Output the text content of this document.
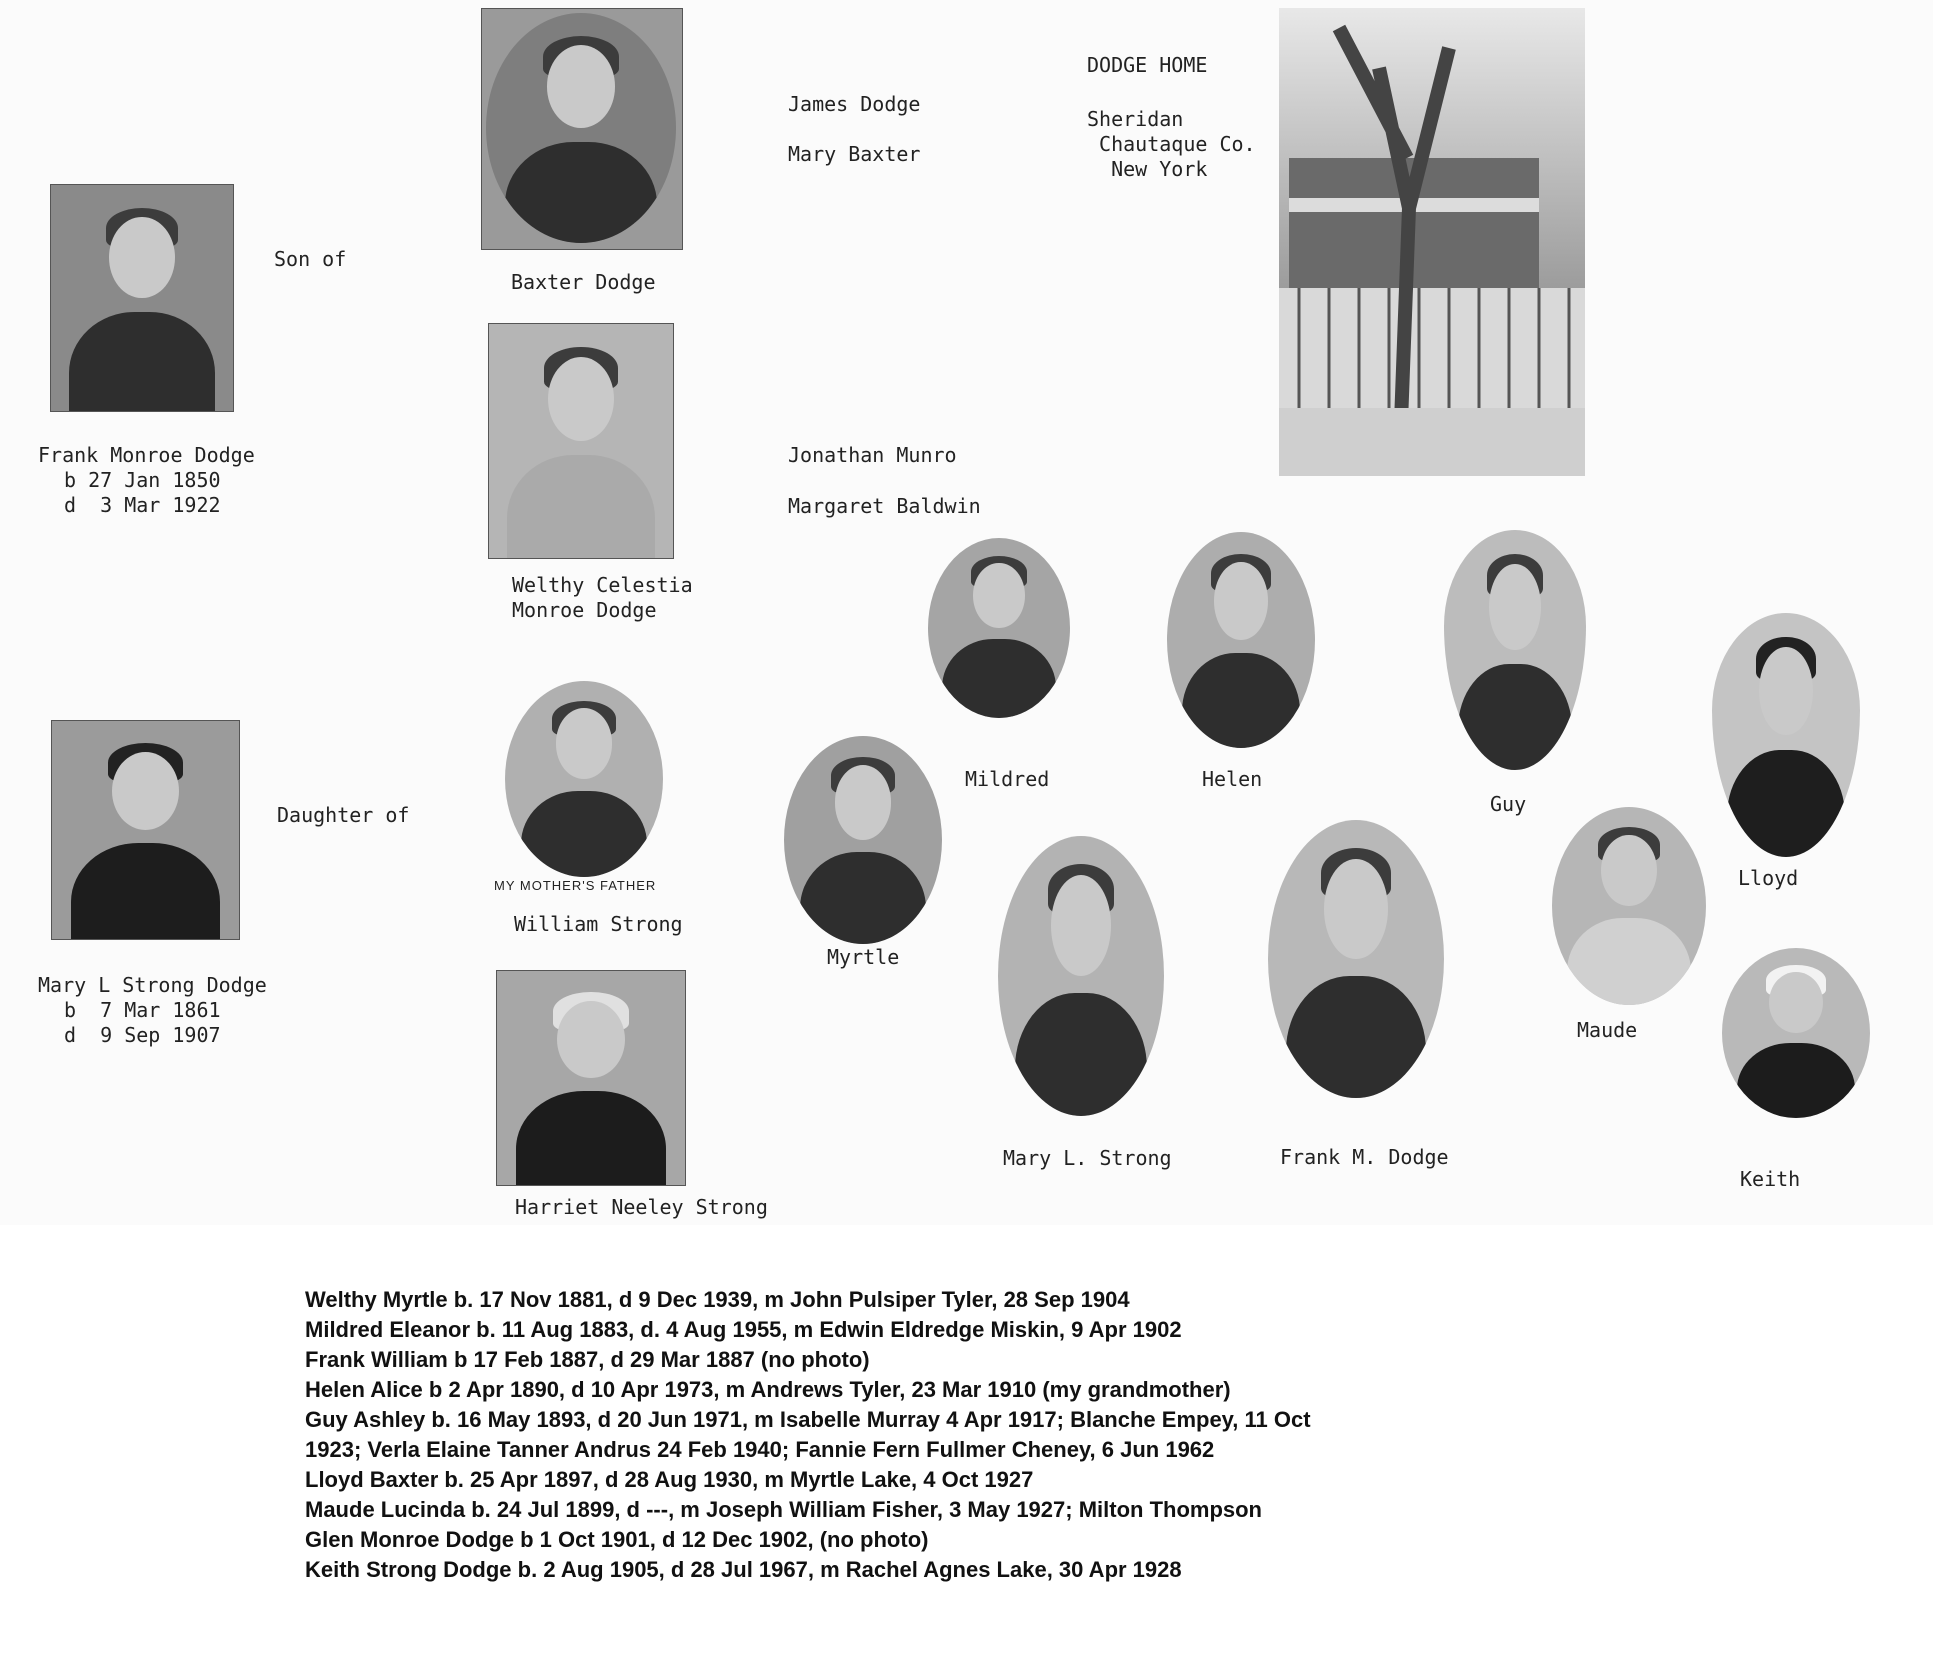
Son of
Frank Monroe Dodge
b 27 Jan 1850
d  3 Mar 1922
Baxter Dodge
Welthy Celestia
Monroe Dodge
James Dodge
Mary Baxter
Jonathan Munro
Margaret Baldwin
DODGE HOME
Sheridan
Chautaque Co.
New York
Daughter of
Mary L Strong Dodge
b  7 Mar 1861
d  9 Sep 1907
MY MOTHER'S FATHER
William Strong
Harriet Neeley Strong
Mildred	Helen
Guy
Lloyd
Myrtle
Mary L. Strong	Frank M. Dodge
Maude
Keith
Welthy Myrtle b. 17 Nov 1881, d 9 Dec 1939, m John Pulsiper Tyler, 28 Sep 1904
Mildred Eleanor b. 11 Aug 1883, d. 4 Aug 1955, m Edwin Eldredge Miskin, 9 Apr 1902
Frank William b 17 Feb 1887, d 29 Mar 1887 (no photo)
Helen Alice b 2 Apr 1890, d 10 Apr 1973, m Andrews Tyler, 23 Mar 1910 (my grandmother)
Guy Ashley b. 16 May 1893, d 20 Jun 1971, m Isabelle Murray 4 Apr 1917; Blanche Empey, 11 Oct
1923; Verla Elaine Tanner Andrus 24 Feb 1940; Fannie Fern Fullmer Cheney, 6 Jun 1962
Lloyd Baxter b. 25 Apr 1897, d 28 Aug 1930, m Myrtle Lake, 4 Oct 1927
Maude Lucinda b. 24 Jul 1899, d ---, m Joseph William Fisher, 3 May 1927; Milton Thompson
Glen Monroe Dodge b 1 Oct 1901, d 12 Dec 1902, (no photo)
Keith Strong Dodge b. 2 Aug 1905, d 28 Jul 1967, m Rachel Agnes Lake, 30 Apr 1928
